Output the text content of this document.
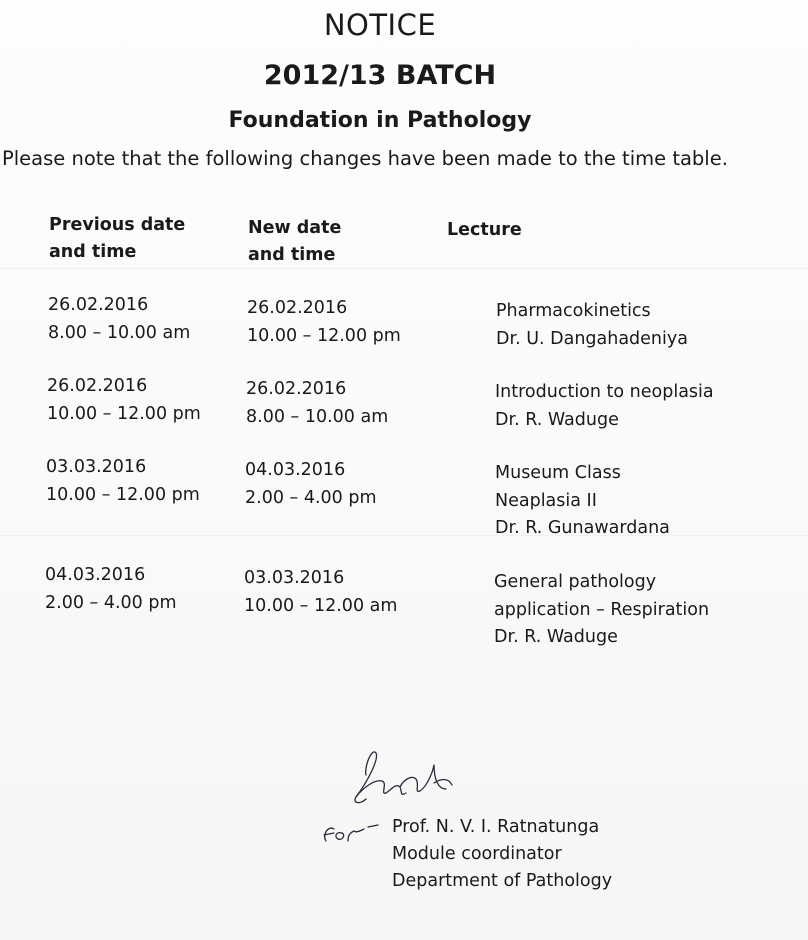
NOTICE
2012/13 BATCH
Foundation in Pathology
Please note that the following changes have been made to the time table.
Previous date
and time
New date
and time
Lecture
26.02.2016
8.00 – 10.00 am
26.02.2016
10.00 – 12.00 pm
Pharmacokinetics
Dr. U. Dangahadeniya
26.02.2016
10.00 – 12.00 pm
26.02.2016
8.00 – 10.00 am
Introduction to neoplasia
Dr. R. Waduge
03.03.2016
10.00 – 12.00 pm
04.03.2016
2.00 – 4.00 pm
Museum Class
Neaplasia II
Dr. R. Gunawardana
04.03.2016
2.00 – 4.00 pm
03.03.2016
10.00 – 12.00 am
General pathology
application – Respiration
Dr. R. Waduge
Prof. N. V. I. Ratnatunga
Module coordinator
Department of Pathology
